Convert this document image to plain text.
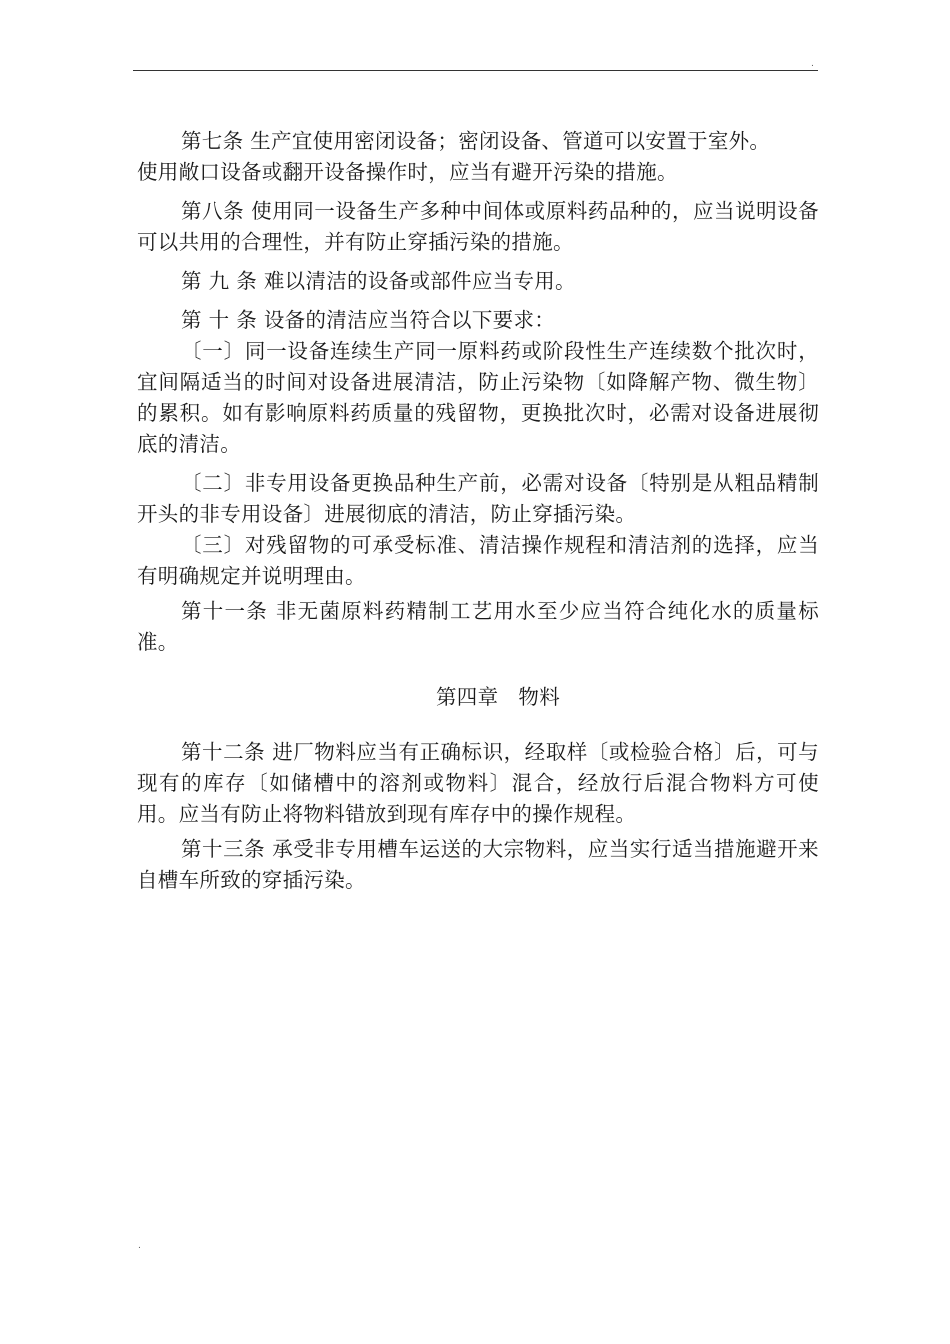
.

第七条 生产宜使用密闭设备；密闭设备、管道可以安置于室外。
使用敞口设备或翻开设备操作时，应当有避开污染的措施。

第八条 使用同一设备生产多种中间体或原料药品种的，应当说明设备可以共用的合理性，并有防止穿插污染的措施。

第 九 条 难以清洁的设备或部件应当专用。

第 十 条 设备的清洁应当符合以下要求：

〔一〕同一设备连续生产同一原料药或阶段性生产连续数个批次时，宜间隔适当的时间对设备进展清洁，防止污染物〔如降解产物、微生物〕的累积。如有影响原料药质量的残留物，更换批次时，必需对设备进展彻底的清洁。

〔二〕非专用设备更换品种生产前，必需对设备〔特别是从粗品精制开头的非专用设备〕进展彻底的清洁，防止穿插污染。

〔三〕对残留物的可承受标准、清洁操作规程和清洁剂的选择，应当有明确规定并说明理由。

第十一条 非无菌原料药精制工艺用水至少应当符合纯化水的质量标准。

第四章 物料

第十二条 进厂物料应当有正确标识，经取样〔或检验合格〕后，可与现有的库存〔如储槽中的溶剂或物料〕混合，经放行后混合物料方可使用。应当有防止将物料错放到现有库存中的操作规程。

第十三条 承受非专用槽车运送的大宗物料，应当实行适当措施避开来自槽车所致的穿插污染。

.
